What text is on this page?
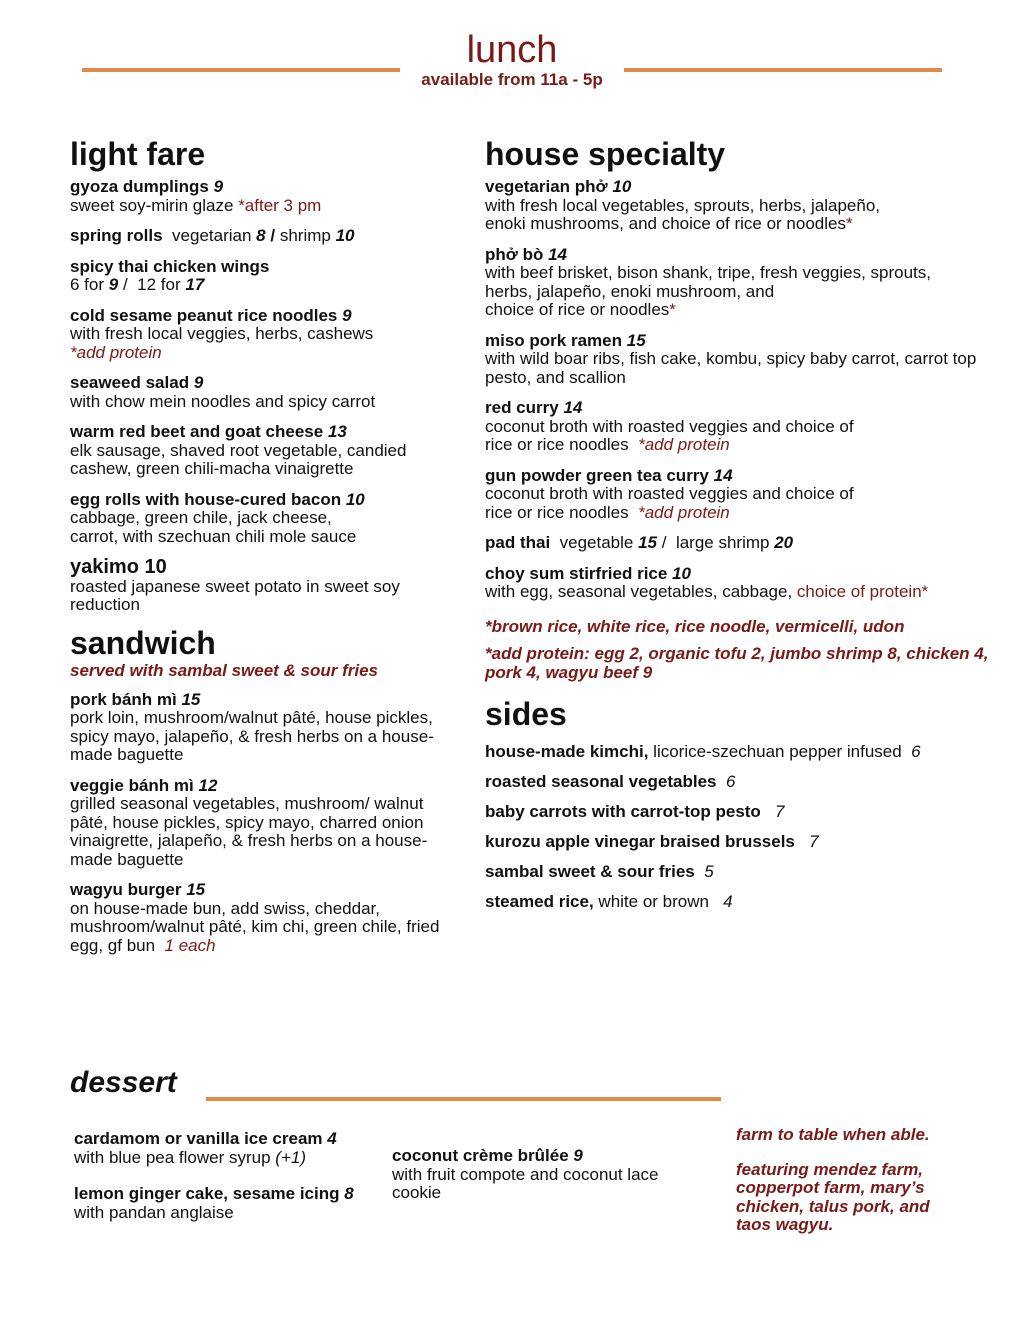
lunch
available from 11a - 5p
light fare
gyoza dumplings 9
sweet soy-mirin glaze *after 3 pm
spring rolls vegetarian 8 / shrimp 10
spicy thai chicken wings
6 for 9 / 12 for 17
cold sesame peanut rice noodles 9
with fresh local veggies, herbs, cashews
*add protein
seaweed salad 9
with chow mein noodles and spicy carrot
warm red beet and goat cheese 13
elk sausage, shaved root vegetable, candied cashew, green chili-macha vinaigrette
egg rolls with house-cured bacon 10
cabbage, green chile, jack cheese,
carrot, with szechuan chili mole sauce
yakimo 10
roasted japanese sweet potato in sweet soy reduction
sandwich
served with sambal sweet & sour fries
pork bánh mì 15
pork loin, mushroom/walnut pâté, house pickles, spicy mayo, jalapeño, & fresh herbs on a house-made baguette
veggie bánh mì 12
grilled seasonal vegetables, mushroom/ walnut pâté, house pickles, spicy mayo, charred onion vinaigrette, jalapeño, & fresh herbs on a house-made baguette
wagyu burger 15
on house-made bun, add swiss, cheddar, mushroom/walnut pâté, kim chi, green chile, fried egg, gf bun 1 each
house specialty
vegetarian phở 10
with fresh local vegetables, sprouts, herbs, jalapeño,
enoki mushrooms, and choice of rice or noodles*
phở bò 14
with beef brisket, bison shank, tripe, fresh veggies, sprouts,
herbs, jalapeño, enoki mushroom, and
choice of rice or noodles*
miso pork ramen 15
with wild boar ribs, fish cake, kombu, spicy baby carrot, carrot top pesto, and scallion
red curry 14
coconut broth with roasted veggies and choice of
rice or rice noodles *add protein
gun powder green tea curry 14
coconut broth with roasted veggies and choice of
rice or rice noodles *add protein
pad thai vegetable 15 / large shrimp 20
choy sum stirfried rice 10
with egg, seasonal vegetables, cabbage, choice of protein*
*brown rice, white rice, rice noodle, vermicelli, udon
*add protein: egg 2, organic tofu 2, jumbo shrimp 8, chicken 4, pork 4, wagyu beef 9
sides
house-made kimchi, licorice-szechuan pepper infused 6
roasted seasonal vegetables 6
baby carrots with carrot-top pesto 7
kurozu apple vinegar braised brussels 7
sambal sweet & sour fries 5
steamed rice, white or brown 4
dessert
cardamom or vanilla ice cream 4
with blue pea flower syrup (+1)
lemon ginger cake, sesame icing 8
with pandan anglaise
coconut crème brûlée 9
with fruit compote and coconut lace cookie

farm to table when able.

featuring mendez farm, copperpot farm, mary’s chicken, talus pork, and taos wagyu.
